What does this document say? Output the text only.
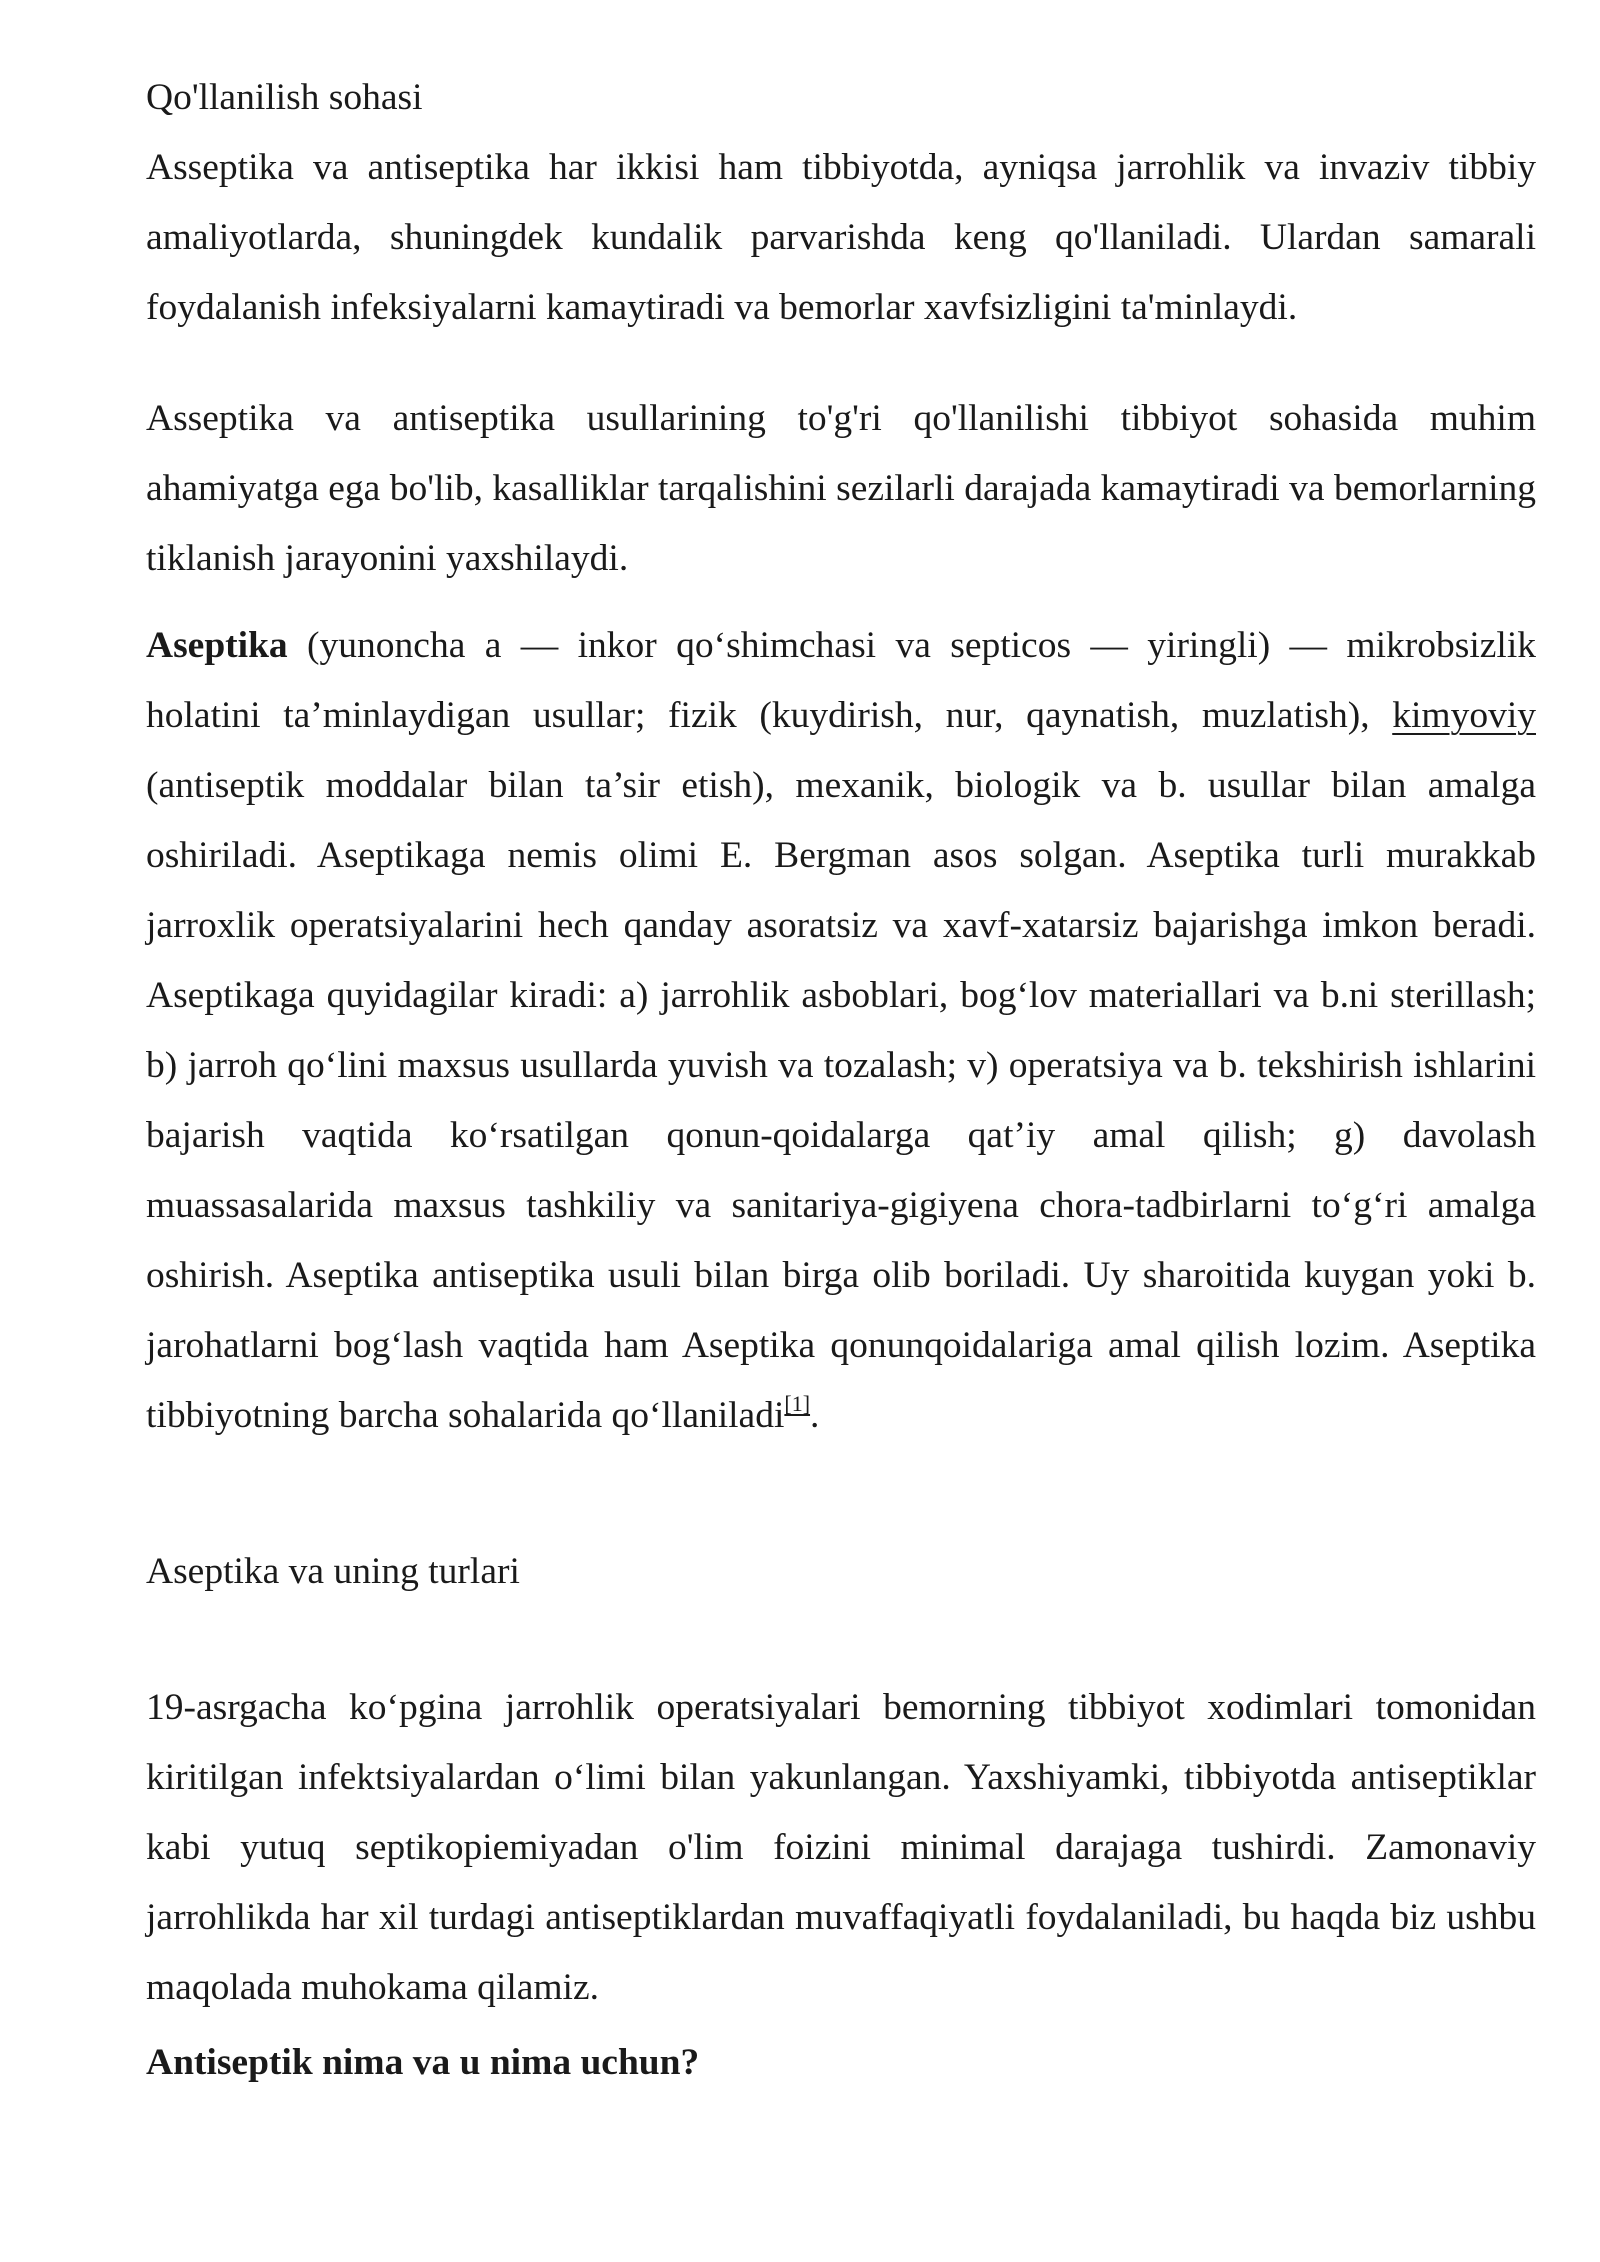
Qo'llanilish sohasi

Asseptika va antiseptika har ikkisi ham tibbiyotda, ayniqsa jarrohlik va invaziv tibbiy amaliyotlarda, shuningdek kundalik parvarishda keng qo'llaniladi. Ulardan samarali foydalanish infeksiyalarni kamaytiradi va bemorlar xavfsizligini ta'minlaydi.

Asseptika va antiseptika usullarining to'g'ri qo'llanilishi tibbiyot sohasida muhim ahamiyatga ega bo'lib, kasalliklar tarqalishini sezilarli darajada kamaytiradi va bemorlarning tiklanish jarayonini yaxshilaydi.

Aseptika (yunoncha a — inkor qo‘shimchasi va septicos — yiringli) — mikrobsizlik holatini ta’minlaydigan usullar; fizik (kuydirish, nur, qaynatish, muzlatish), kimyoviy (antiseptik moddalar bilan ta’sir etish), mexanik, biologik va b. usullar bilan amalga oshiriladi. Aseptikaga nemis olimi E. Bergman asos solgan. Aseptika turli murakkab jarroxlik operatsiyalarini hech qanday asoratsiz va xavf-xatarsiz bajarishga imkon beradi. Aseptikaga quyidagilar kiradi: a) jarrohlik asboblari, bog‘lov materiallari va b.ni sterillash; b) jarroh qo‘lini maxsus usullarda yuvish va tozalash; v) operatsiya va b. tekshirish ishlarini bajarish vaqtida ko‘rsatilgan qonun-qoidalarga qat’iy amal qilish; g) davolash muassasalarida maxsus tashkiliy va sanitariya-gigiyena chora-tadbirlarni to‘g‘ri amalga oshirish. Aseptika antiseptika usuli bilan birga olib boriladi. Uy sharoitida kuygan yoki b. jarohatlarni bog‘lash vaqtida ham Aseptika qonunqoidalariga amal qilish lozim. Aseptika tibbiyotning barcha sohalarida qo‘llaniladi[1].

Aseptika va uning turlari

19-asrgacha ko‘pgina jarrohlik operatsiyalari bemorning tibbiyot xodimlari tomonidan kiritilgan infektsiyalardan o‘limi bilan yakunlangan. Yaxshiyamki, tibbiyotda antiseptiklar kabi yutuq septikopiemiyadan o'lim foizini minimal darajaga tushirdi. Zamonaviy jarrohlikda har xil turdagi antiseptiklardan muvaffaqiyatli foydalaniladi, bu haqda biz ushbu maqolada muhokama qilamiz.

Antiseptik nima va u nima uchun?
